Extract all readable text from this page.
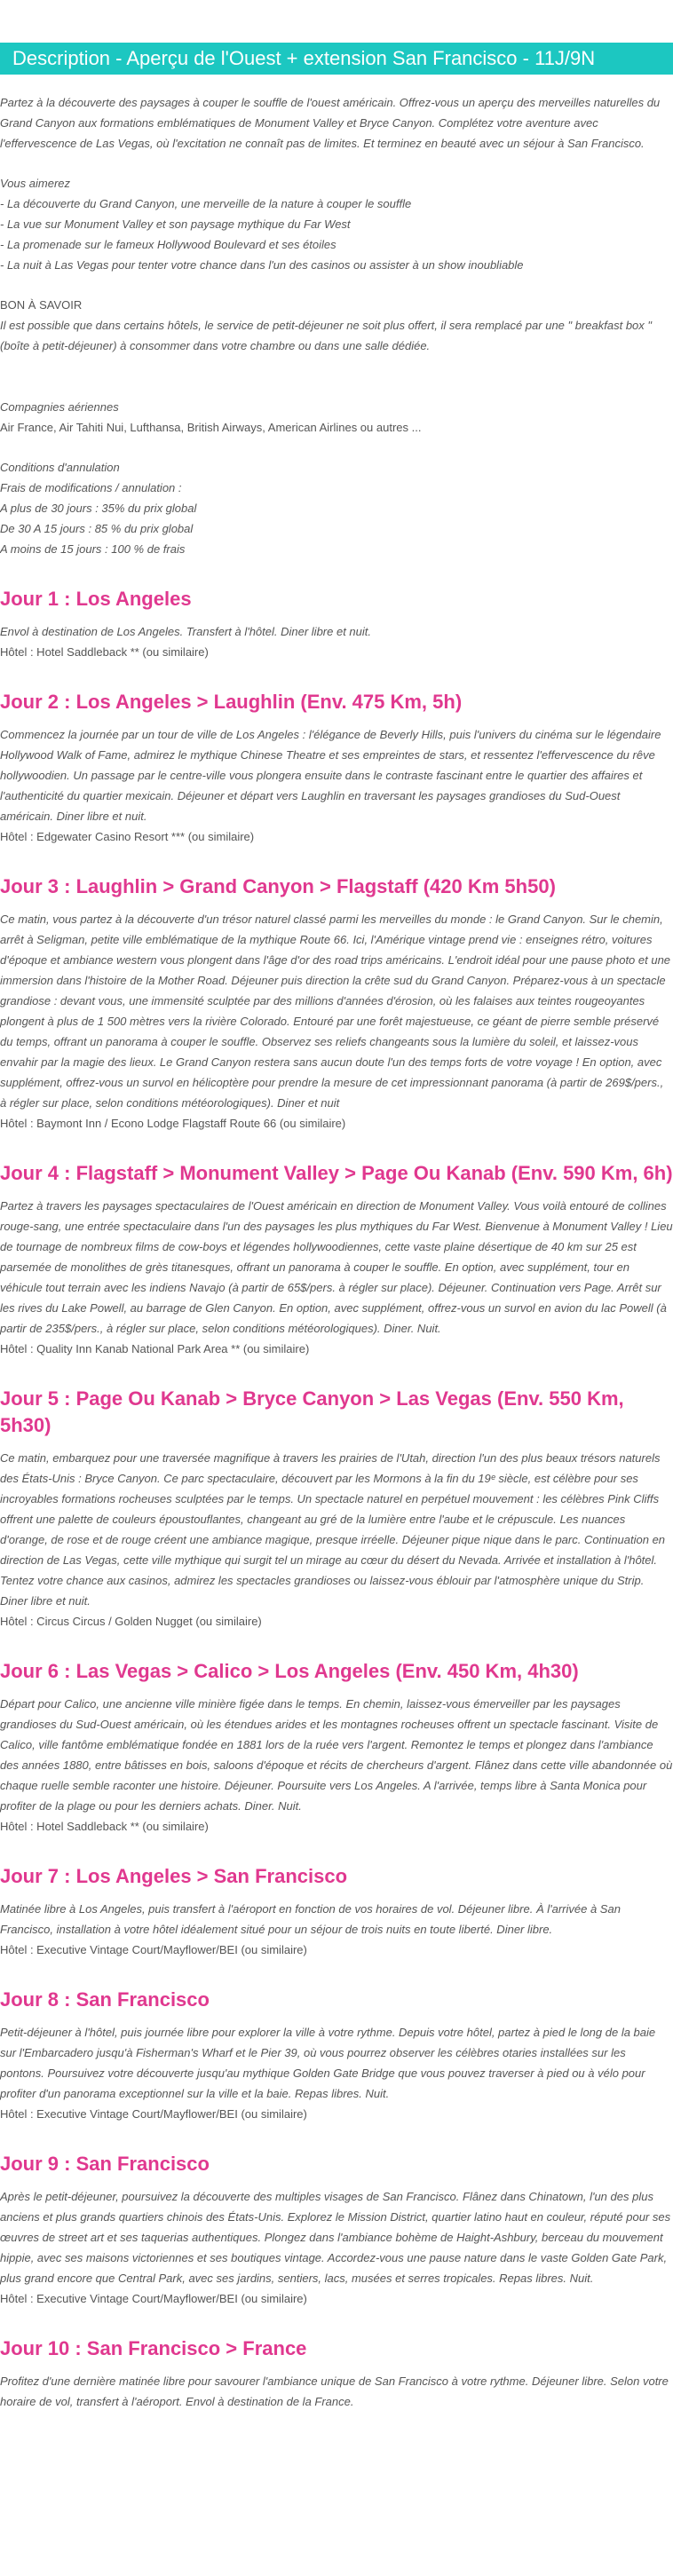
Description - Aperçu de l'Ouest + extension San Francisco - 11J/9N

Partez à la découverte des paysages à couper le souffle de l'ouest américain. Offrez-vous un aperçu des merveilles naturelles du Grand Canyon aux formations emblématiques de Monument Valley et Bryce Canyon. Complétez votre aventure avec l'effervescence de Las Vegas, où l'excitation ne connaît pas de limites. Et terminez en beauté avec un séjour à San Francisco.

Vous aimerez

- La découverte du Grand Canyon, une merveille de la nature à couper le souffle

- La vue sur Monument Valley et son paysage mythique du Far West

- La promenade sur le fameux Hollywood Boulevard et ses étoiles

- La nuit à Las Vegas pour tenter votre chance dans l'un des casinos ou assister à un show inoubliable

BON À SAVOIR

Il est possible que dans certains hôtels, le service de petit-déjeuner ne soit plus offert, il sera remplacé par une " breakfast box " (boîte à petit-déjeuner) à consommer dans votre chambre ou dans une salle dédiée.

Compagnies aériennes

Air France, Air Tahiti Nui, Lufthansa, British Airways, American Airlines ou autres ...

Conditions d'annulation

Frais de modifications / annulation :

A plus de 30 jours : 35% du prix global

De 30 A 15 jours : 85 % du prix global

A moins de 15 jours : 100 % de frais

Jour 1 : Los Angeles

Envol à destination de Los Angeles. Transfert à l'hôtel. Diner libre et nuit.

Hôtel : Hotel Saddleback ** (ou similaire)

Jour 2 : Los Angeles > Laughlin (Env. 475 Km, 5h)

Commencez la journée par un tour de ville de Los Angeles : l'élégance de Beverly Hills, puis l'univers du cinéma sur le légendaire Hollywood Walk of Fame, admirez le mythique Chinese Theatre et ses empreintes de stars, et ressentez l'effervescence du rêve hollywoodien. Un passage par le centre-ville vous plongera ensuite dans le contraste fascinant entre le quartier des affaires et l'authenticité du quartier mexicain. Déjeuner et départ vers Laughlin en traversant les paysages grandioses du Sud-Ouest américain. Diner libre et nuit.

Hôtel : Edgewater Casino Resort *** (ou similaire)

Jour 3 : Laughlin > Grand Canyon > Flagstaff (420 Km 5h50)

Ce matin, vous partez à la découverte d'un trésor naturel classé parmi les merveilles du monde : le Grand Canyon. Sur le chemin, arrêt à Seligman, petite ville emblématique de la mythique Route 66. Ici, l'Amérique vintage prend vie : enseignes rétro, voitures d'époque et ambiance western vous plongent dans l'âge d'or des road trips américains. L'endroit idéal pour une pause photo et une immersion dans l'histoire de la Mother Road. Déjeuner puis direction la crête sud du Grand Canyon. Préparez-vous à un spectacle grandiose : devant vous, une immensité sculptée par des millions d'années d'érosion, où les falaises aux teintes rougeoyantes plongent à plus de 1 500 mètres vers la rivière Colorado. Entouré par une forêt majestueuse, ce géant de pierre semble préservé du temps, offrant un panorama à couper le souffle. Observez ses reliefs changeants sous la lumière du soleil, et laissez-vous envahir par la magie des lieux. Le Grand Canyon restera sans aucun doute l'un des temps forts de votre voyage ! En option, avec supplément, offrez-vous un survol en hélicoptère pour prendre la mesure de cet impressionnant panorama (à partir de 269$/pers., à régler sur place, selon conditions météorologiques). Diner et nuit

Hôtel : Baymont Inn / Econo Lodge Flagstaff Route 66 (ou similaire)

Jour 4 : Flagstaff > Monument Valley > Page Ou Kanab (Env. 590 Km, 6h)

Partez à travers les paysages spectaculaires de l'Ouest américain en direction de Monument Valley. Vous voilà entouré de collines rouge-sang, une entrée spectaculaire dans l'un des paysages les plus mythiques du Far West. Bienvenue à Monument Valley ! Lieu de tournage de nombreux films de cow-boys et légendes hollywoodiennes, cette vaste plaine désertique de 40 km sur 25 est parsemée de monolithes de grès titanesques, offrant un panorama à couper le souffle. En option, avec supplément, tour en véhicule tout terrain avec les indiens Navajo (à partir de 65$/pers. à régler sur place). Déjeuner. Continuation vers Page. Arrêt sur les rives du Lake Powell, au barrage de Glen Canyon. En option, avec supplément, offrez-vous un survol en avion du lac Powell (à partir de 235$/pers., à régler sur place, selon conditions météorologiques). Diner. Nuit.

Hôtel : Quality Inn Kanab National Park Area ** (ou similaire)

Jour 5 : Page Ou Kanab > Bryce Canyon > Las Vegas (Env. 550 Km, 5h30)

Ce matin, embarquez pour une traversée magnifique à travers les prairies de l'Utah, direction l'un des plus beaux trésors naturels des États-Unis : Bryce Canyon. Ce parc spectaculaire, découvert par les Mormons à la fin du 19ᵉ siècle, est célèbre pour ses incroyables formations rocheuses sculptées par le temps. Un spectacle naturel en perpétuel mouvement : les célèbres Pink Cliffs offrent une palette de couleurs époustouflantes, changeant au gré de la lumière entre l'aube et le crépuscule. Les nuances d'orange, de rose et de rouge créent une ambiance magique, presque irréelle. Déjeuner pique nique dans le parc. Continuation en direction de Las Vegas, cette ville mythique qui surgit tel un mirage au cœur du désert du Nevada. Arrivée et installation à l'hôtel. Tentez votre chance aux casinos, admirez les spectacles grandioses ou laissez-vous éblouir par l'atmosphère unique du Strip. Diner libre et nuit.

Hôtel : Circus Circus / Golden Nugget (ou similaire)

Jour 6 : Las Vegas > Calico > Los Angeles (Env. 450 Km, 4h30)

Départ pour Calico, une ancienne ville minière figée dans le temps. En chemin, laissez-vous émerveiller par les paysages grandioses du Sud-Ouest américain, où les étendues arides et les montagnes rocheuses offrent un spectacle fascinant. Visite de Calico, ville fantôme emblématique fondée en 1881 lors de la ruée vers l'argent. Remontez le temps et plongez dans l'ambiance des années 1880, entre bâtisses en bois, saloons d'époque et récits de chercheurs d'argent. Flânez dans cette ville abandonnée où chaque ruelle semble raconter une histoire. Déjeuner. Poursuite vers Los Angeles. A l'arrivée, temps libre à Santa Monica pour profiter de la plage ou pour les derniers achats. Diner. Nuit.

Hôtel : Hotel Saddleback ** (ou similaire)

Jour 7 : Los Angeles > San Francisco

Matinée libre à Los Angeles, puis transfert à l'aéroport en fonction de vos horaires de vol. Déjeuner libre. À l'arrivée à San Francisco, installation à votre hôtel idéalement situé pour un séjour de trois nuits en toute liberté. Diner libre.

Hôtel : Executive Vintage Court/Mayflower/BEI (ou similaire)

Jour 8 : San Francisco

Petit-déjeuner à l'hôtel, puis journée libre pour explorer la ville à votre rythme. Depuis votre hôtel, partez à pied le long de la baie sur l'Embarcadero jusqu'à Fisherman's Wharf et le Pier 39, où vous pourrez observer les célèbres otaries installées sur les pontons. Poursuivez votre découverte jusqu'au mythique Golden Gate Bridge que vous pouvez traverser à pied ou à vélo pour profiter d'un panorama exceptionnel sur la ville et la baie. Repas libres. Nuit.

Hôtel : Executive Vintage Court/Mayflower/BEI (ou similaire)

Jour 9 : San Francisco

Après le petit-déjeuner, poursuivez la découverte des multiples visages de San Francisco. Flânez dans Chinatown, l'un des plus anciens et plus grands quartiers chinois des États-Unis. Explorez le Mission District, quartier latino haut en couleur, réputé pour ses œuvres de street art et ses taquerias authentiques. Plongez dans l'ambiance bohème de Haight-Ashbury, berceau du mouvement hippie, avec ses maisons victoriennes et ses boutiques vintage. Accordez-vous une pause nature dans le vaste Golden Gate Park, plus grand encore que Central Park, avec ses jardins, sentiers, lacs, musées et serres tropicales. Repas libres. Nuit.

Hôtel : Executive Vintage Court/Mayflower/BEI (ou similaire)

Jour 10 : San Francisco > France

Profitez d'une dernière matinée libre pour savourer l'ambiance unique de San Francisco à votre rythme. Déjeuner libre. Selon votre horaire de vol, transfert à l'aéroport. Envol à destination de la France.
